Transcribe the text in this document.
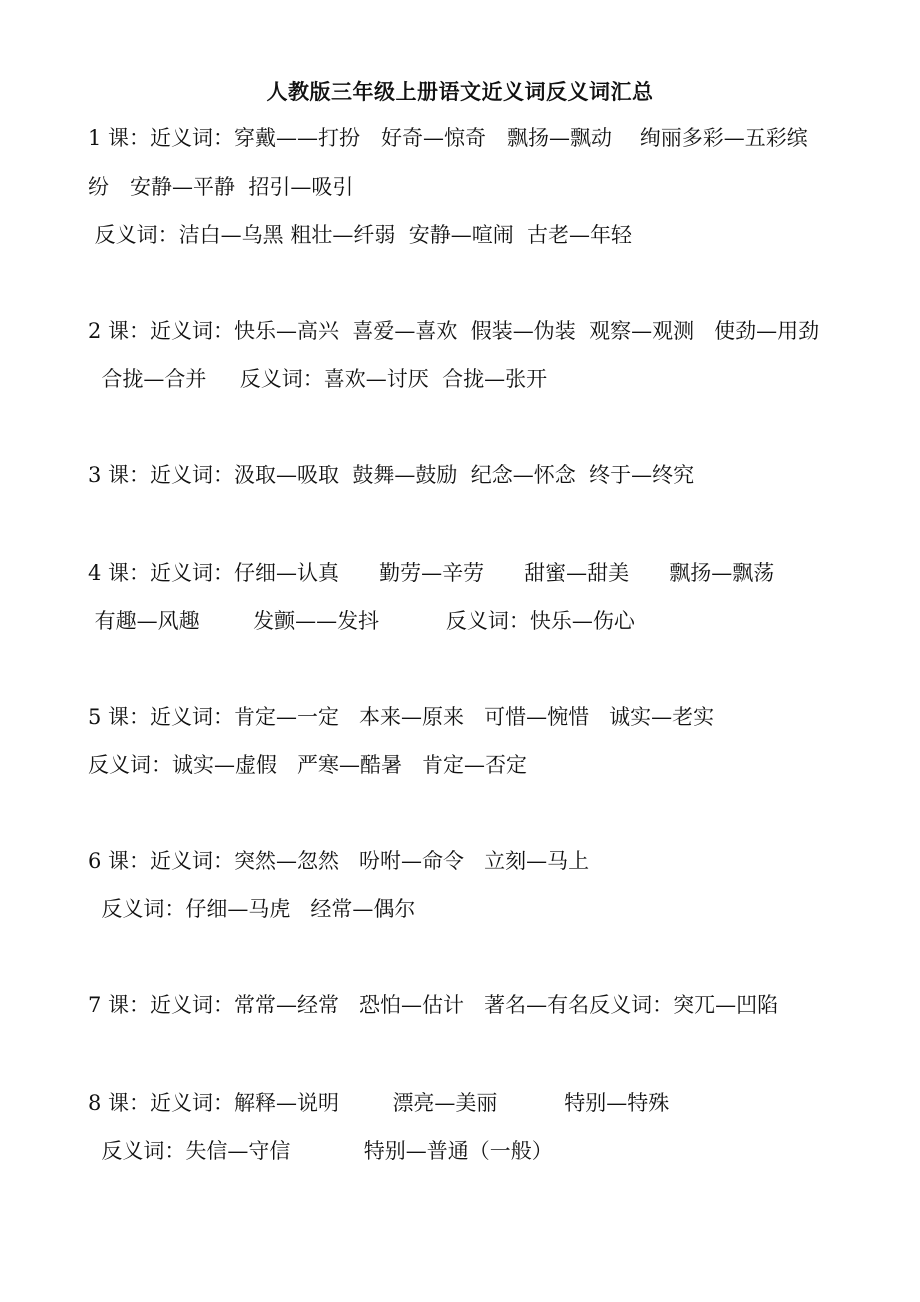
人教版三年级上册语文近义词反义词汇总
1 课：近义词：穿戴——打扮　好奇—惊奇　飘扬—飘动　 绚丽多彩—五彩缤
纷　安静—平静  招引—吸引
反义词：洁白—乌黑 粗壮—纤弱  安静—喧闹  古老—年轻
2 课：近义词：快乐—高兴  喜爱—喜欢  假装—伪装  观察—观测   使劲—用劲
合拢—合并     反义词：喜欢—讨厌  合拢—张开
3 课：近义词：汲取—吸取  鼓舞—鼓励  纪念—怀念  终于—终究
4 课：近义词：仔细—认真      勤劳—辛劳      甜蜜—甜美      飘扬—飘荡
有趣—风趣        发颤——发抖          反义词：快乐—伤心
5 课：近义词：肯定—一定   本来—原来   可惜—惋惜   诚实—老实
反义词：诚实—虚假   严寒—酷暑   肯定—否定
6 课：近义词：突然—忽然   吩咐—命令   立刻—马上
反义词：仔细—马虎   经常—偶尔
7 课：近义词：常常—经常   恐怕—估计   著名—有名反义词：突兀—凹陷
8 课：近义词：解释—说明        漂亮—美丽          特别—特殊
反义词：失信—守信           特别—普通（一般）
